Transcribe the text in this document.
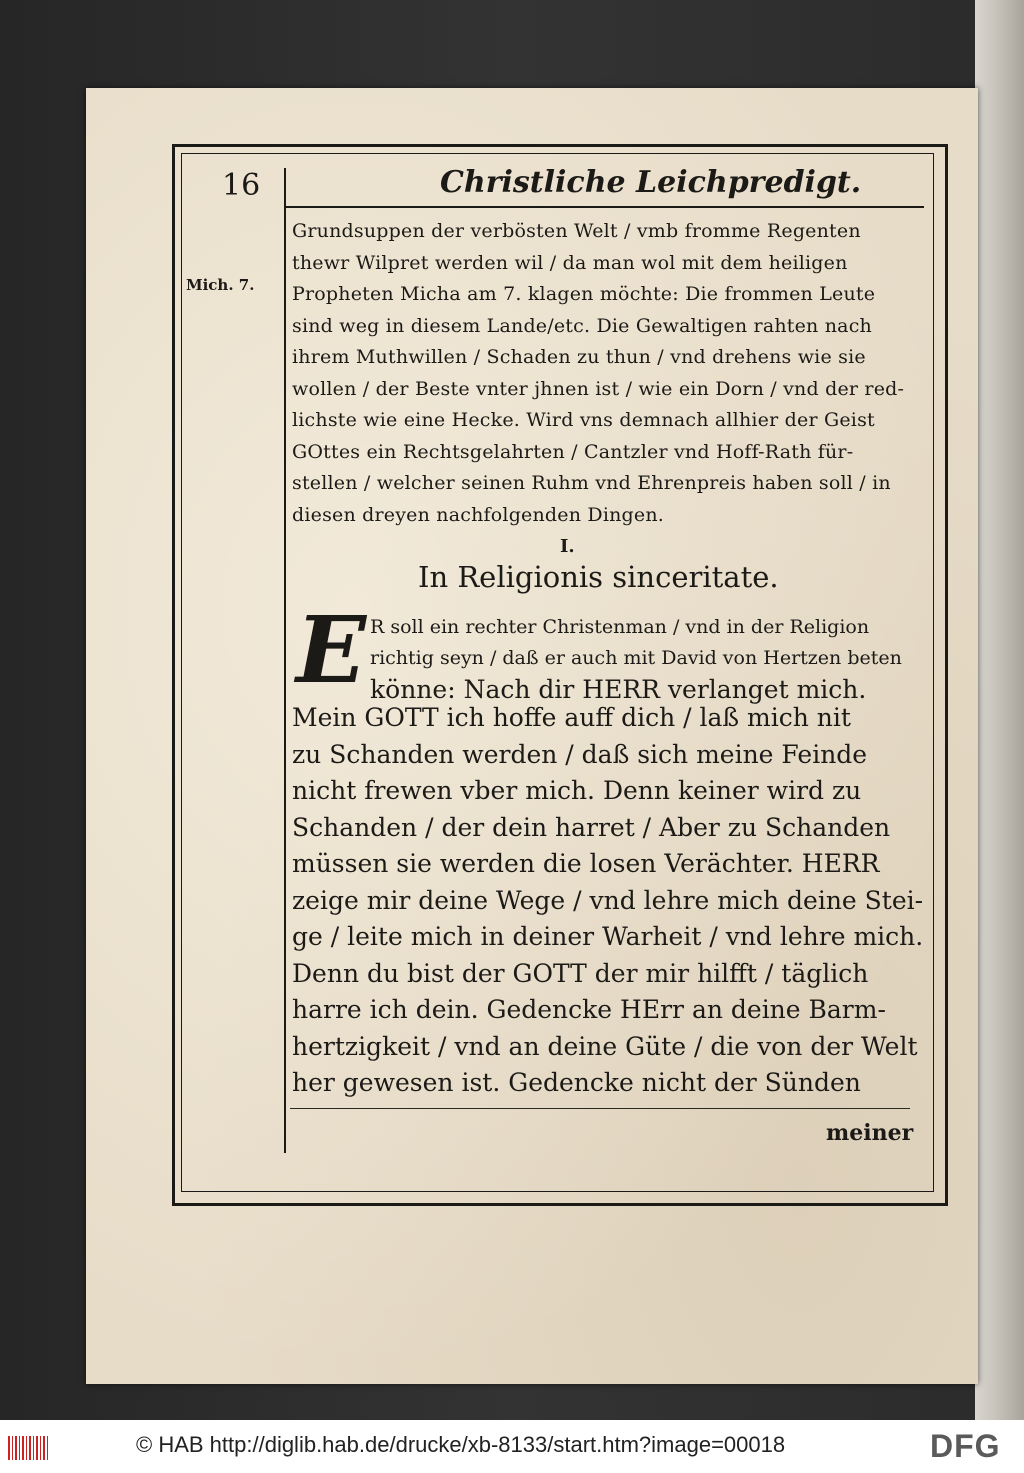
16	Christliche Leichpredigt.
Mich. 7.
Grundsuppen der verbösten Welt / vmb fromme Regenten
thewr Wilpret werden wil / da man wol mit dem heiligen
Propheten Micha am 7. klagen möchte: Die frommen Leute
sind weg in diesem Lande/etc. Die Gewaltigen rahten nach
ihrem Muthwillen / Schaden zu thun / vnd drehens wie sie
wollen / der Beste vnter jhnen ist / wie ein Dorn / vnd der red-
lichste wie eine Hecke. Wird vns demnach allhier der Geist
GOttes ein Rechtsgelahrten / Cantzler vnd Hoff-Rath für-
stellen / welcher seinen Ruhm vnd Ehrenpreis haben soll / in
diesen dreyen nachfolgenden Dingen.
I.
In Religionis sinceritate.
E R soll ein rechter Christenman / vnd in der Religion
richtig seyn / daß er auch mit David von Hertzen beten
könne: Nach dir HERR verlanget mich.
Mein GOTT ich hoffe auff dich / laß mich nit
zu Schanden werden / daß sich meine Feinde
nicht frewen vber mich. Denn keiner wird zu
Schanden / der dein harret / Aber zu Schanden
müssen sie werden die losen Verächter. HERR
zeige mir deine Wege / vnd lehre mich deine Stei-
ge / leite mich in deiner Warheit / vnd lehre mich.
Denn du bist der GOTT der mir hilfft / täglich
harre ich dein. Gedencke HErr an deine Barm-
hertzigkeit / vnd an deine Güte / die von der Welt
her gewesen ist. Gedencke nicht der Sünden
meiner
© HAB http://diglib.hab.de/drucke/xb-8133/start.htm?image=00018	DFG
